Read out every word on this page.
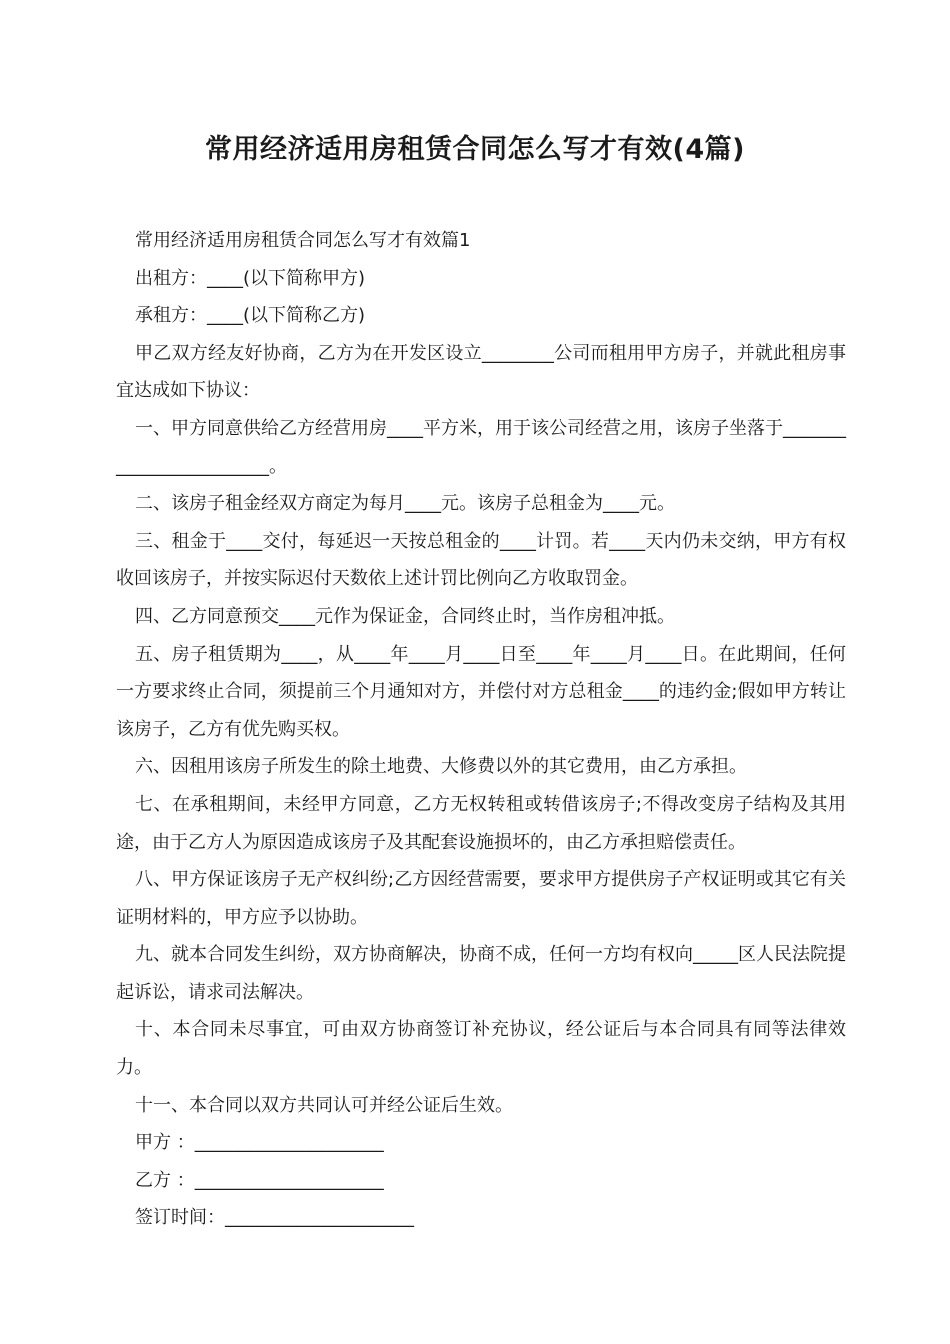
常用经济适用房租赁合同怎么写才有效(4篇)

常用经济适用房租赁合同怎么写才有效篇1

出租方：____(以下简称甲方)

承租方：____(以下简称乙方)

甲乙双方经友好协商，乙方为在开发区设立________公司而租用甲方房子，并就此租房事宜达成如下协议：

一、甲方同意供给乙方经营用房____平方米，用于该公司经营之用，该房子坐落于________________________。

二、该房子租金经双方商定为每月____元。该房子总租金为____元。

三、租金于____交付，每延迟一天按总租金的____计罚。若____天内仍未交纳，甲方有权收回该房子，并按实际迟付天数依上述计罚比例向乙方收取罚金。

四、乙方同意预交____元作为保证金，合同终止时，当作房租冲抵。

五、房子租赁期为____，从____年____月____日至____年____月____日。在此期间，任何一方要求终止合同，须提前三个月通知对方，并偿付对方总租金____的违约金;假如甲方转让该房子，乙方有优先购买权。

六、因租用该房子所发生的除土地费、大修费以外的其它费用，由乙方承担。

七、在承租期间，未经甲方同意，乙方无权转租或转借该房子;不得改变房子结构及其用途，由于乙方人为原因造成该房子及其配套设施损坏的，由乙方承担赔偿责任。

八、甲方保证该房子无产权纠纷;乙方因经营需要，要求甲方提供房子产权证明或其它有关证明材料的，甲方应予以协助。

九、就本合同发生纠纷，双方协商解决，协商不成，任何一方均有权向_____区人民法院提起诉讼，请求司法解决。

十、本合同未尽事宜，可由双方协商签订补充协议，经公证后与本合同具有同等法律效力。

十一、本合同以双方共同认可并经公证后生效。

甲方 ：_____________________

乙方 ：_____________________

签订时间：_____________________
